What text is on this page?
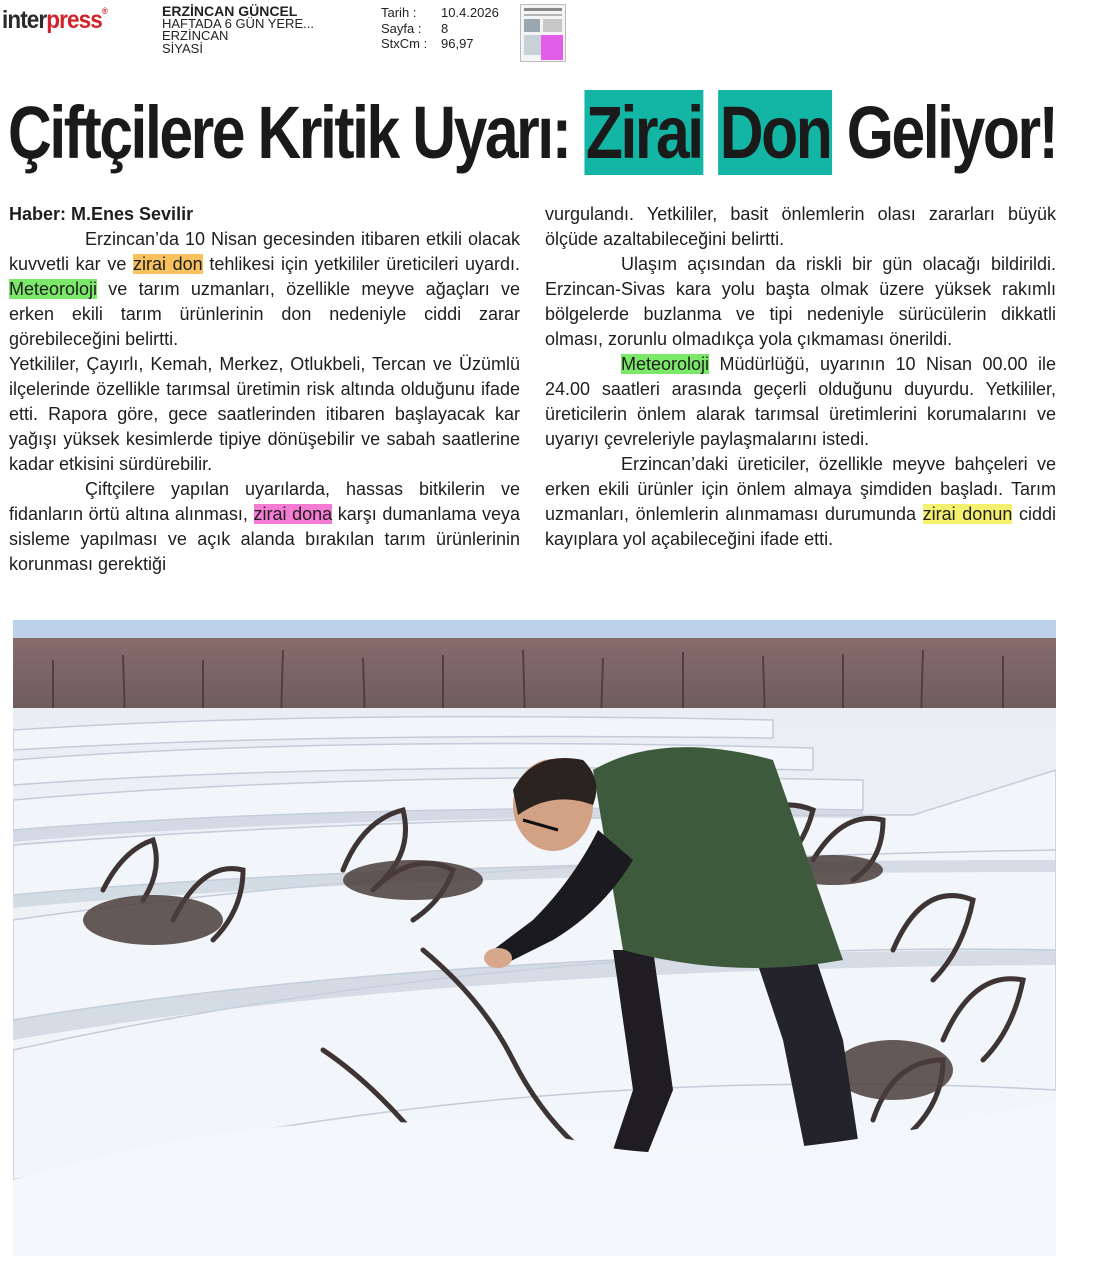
interpress®	ERZİNCAN GÜNCEL
HAFTADA 6 GÜN YERE...
ERZİNCAN
SİYASİ
Tarih :	10.4.2026
Sayfa :	8
StxCm :	96,97
Çiftçilere Kritik Uyarı: Zirai Don Geliyor!

Haber: M.Enes Sevilir

Erzincan’da 10 Nisan gecesinden itibaren etkili olacak kuvvetli kar ve zirai don tehlikesi için yetkililer üreticileri uyardı. Meteoroloji ve tarım uzmanları, özellikle meyve ağaçları ve erken ekili tarım ürünlerinin don nedeniyle ciddi zarar görebileceğini belirtti.

Yetkililer, Çayırlı, Kemah, Merkez, Otlukbeli, Tercan ve Üzümlü ilçelerinde özellikle tarımsal üretimin risk altında olduğunu ifade etti. Rapora göre, gece saatlerinden itibaren başlayacak kar yağışı yüksek kesimlerde tipiye dönüşebilir ve sabah saatlerine kadar etkisini sürdürebilir.

Çiftçilere yapılan uyarılarda, hassas bitkilerin ve fidanların örtü altına alınması, zirai dona karşı dumanlama veya sisleme yapılması ve açık alanda bırakılan tarım ürünlerinin korunması gerektiği

vurgulandı. Yetkililer, basit önlemlerin olası zararları büyük ölçüde azaltabileceğini belirtti.

Ulaşım açısından da riskli bir gün olacağı bildirildi. Erzincan-Sivas kara yolu başta olmak üzere yüksek rakımlı bölgelerde buzlanma ve tipi nedeniyle sürücülerin dikkatli olması, zorunlu olmadıkça yola çıkmaması önerildi.

Meteoroloji Müdürlüğü, uyarının 10 Nisan 00.00 ile 24.00 saatleri arasında geçerli olduğunu duyurdu. Yetkililer, üreticilerin önlem alarak tarımsal üretimlerini korumalarını ve uyarıyı çevreleriyle paylaşmalarını istedi.

Erzincan’daki üreticiler, özellikle meyve bahçeleri ve erken ekili ürünler için önlem almaya şimdiden başladı. Tarım uzmanları, önlemlerin alınmaması durumunda zirai donun ciddi kayıplara yol açabileceğini ifade etti.
